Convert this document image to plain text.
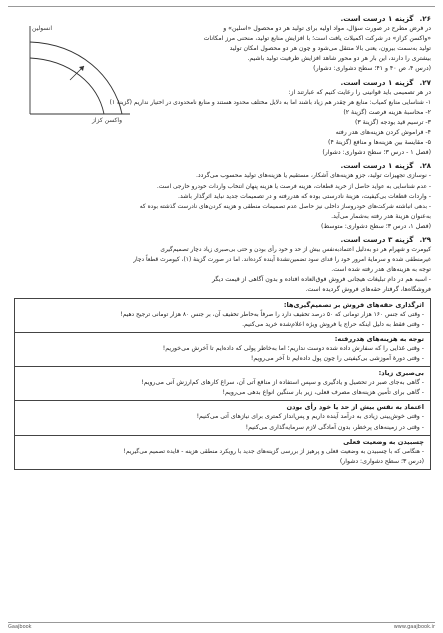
انسولین
واکسن کزاز
۲۶.گزینه ۱ درست است.
در فرض مطرح در صورت سؤال، مواد اولیه برای تولید هر دو محصول «اسلین» و
«واکسن کزاز» در شرکت اکمیلات یافت است؛ با افزایش منابع تولید، منحنی مرز امکانات
تولید به‌سمت بیرون، یعنی بالا منتقل می‌شود و چون هر دو محصول امکان تولید
بیشتری را دارند، این بار هر دو محور شاهد افزایش ظرفیت تولید باشیم.
(درس ۴، ص ۴۰ و ۴۱؛ سطح دشواری: دشوار)
۲۷.گزینه ۱ درست است.
در هر تصمیمی باید قوانینی را رعایت کنیم که عبارتند از:
۱- شناسایی منابع کمیاب: منابع هر چقدر هم زیاد باشند اما به دلایل مختلف محدود هستند و منابع نامحدودی در اختیار نداریم (گزینهٔ ۱)
۲- محاسبهٔ هزینه فرصت (گزینهٔ ۲)
۳- ترسیم قید بودجه (گزینهٔ ۳)
۴- فراموش کردن هزینه‌های هدر رفته
۵- مقایسهٔ بین هزینه‌ها و منافع (گزینهٔ ۴)
(فصل ۱ - درس ۳؛ سطح دشواری: دشوار)
۲۸.گزینه ۱ درست است.
- نوسازی تجهیزات تولید، جزو هزینه‌های آشکار، مستقیم یا هزینه‌های تولید محسوب می‌گردد.
- عدم شناسایی به عواید حاصل از خرید قطعات، هزینه فرصت یا هزینه پنهان انتخاب واردات خودرو خارجی است.
- واردات قطعات بی‌کیفیت، هزینهٔ نادرستی بوده که هدررفته و در تصمیمات جدید نباید اثرگذار باشد.
- بدهی انباشته شرکت‌های خودروساز داخلی نیز حاصل عدم تصمیمات منطقی و هزینه کردن‌های نادرست گذشته بوده که
به‌عنوان هزینهٔ هدر رفته به‌شمار می‌آید.
(فصل ۱، درس ۳؛ سطح دشواری: متوسط)
۲۹.گزینه ۳ درست است.
کیومرث و شهرام هر دو به‌دلیل اعتمادبه‌نفس بیش از حد و خود رأی بودن و حتی بی‌صبری زیاد دچار تصمیم‌گیری
غیرمنطقی شده و سرمایهٔ امرور خود را فدای سود تضمین‌نشدهٔ آینده کرده‌اند. اما در صورت گزینهٔ (۱)، کیومرث قطعاً دچار
توجه به هزینه‌های هدر رفته شده است.
- اسبه هم در دام تبلیغات هیجانی فروش فوق‌العاده افتاده و بدون آگاهی از قیمت دیگر
فروشگاه‌ها، گرفتار حقه‌های فروش گردیده است.
اثرگذاری حقه‌های فروش بر تصمیم‌گیری‌ها:
- وقتی که جنس ۱۶۰ هزار تومانی که ۵۰ درصد تخفیف دارد را صرفاً به‌خاطر تخفیف آن، بر جنس ۸۰ هزار تومانی ترجیح دهیم!
- وقتی فقط به دلیل اینکه حراج یا فروش ویژه اعلام‌شده خرید می‌کنیم.
توجه به هزینه‌های هدررفته:
- وقتی غذایی را که سفارش داده شده دوست نداریم؛ اما به‌خاطر پولی که داده‌ایم تا آخرش می‌خوریم!
- وقتی دورهٔ آموزشی بی‌کیفیتی را چون پول داده‌ایم تا آخر می‌رویم!
بی‌صبری زیاد:
- گاهی به‌جای صبر در تحصیل و یادگیری و سپس استفاده از منافع آتی آن، سراغ کارهای کم‌ارزش آنی می‌رویم!
- گاهی برای تأمین هزینه‌های مصرف فعلی، زیر بار سنگین انواع بدهی می‌رویم!
اعتماد به نفس بیش از حد یا خود رأی بودن
- وقتی خوش‌بینی زیادی به درآمد آینده داریم و پس‌انداز کمتری برای نیازهای آتی می‌کنیم!
- وقتی در زمینه‌های پرخطر، بدون آمادگی لازم سرمایه‌گذاری می‌کنیم!
چسبیدن به وضعیت فعلی
- هنگامی که با چسبیدن به وضعیت فعلی و پرهیز از بررسی گزینه‌های جدید با رویکرد منطقی هزینه - فایده تصمیم می‌گیریم!
(درس ۳؛ سطح دشواری: دشوار)
Gaajbook	www.gaajbook.ir
